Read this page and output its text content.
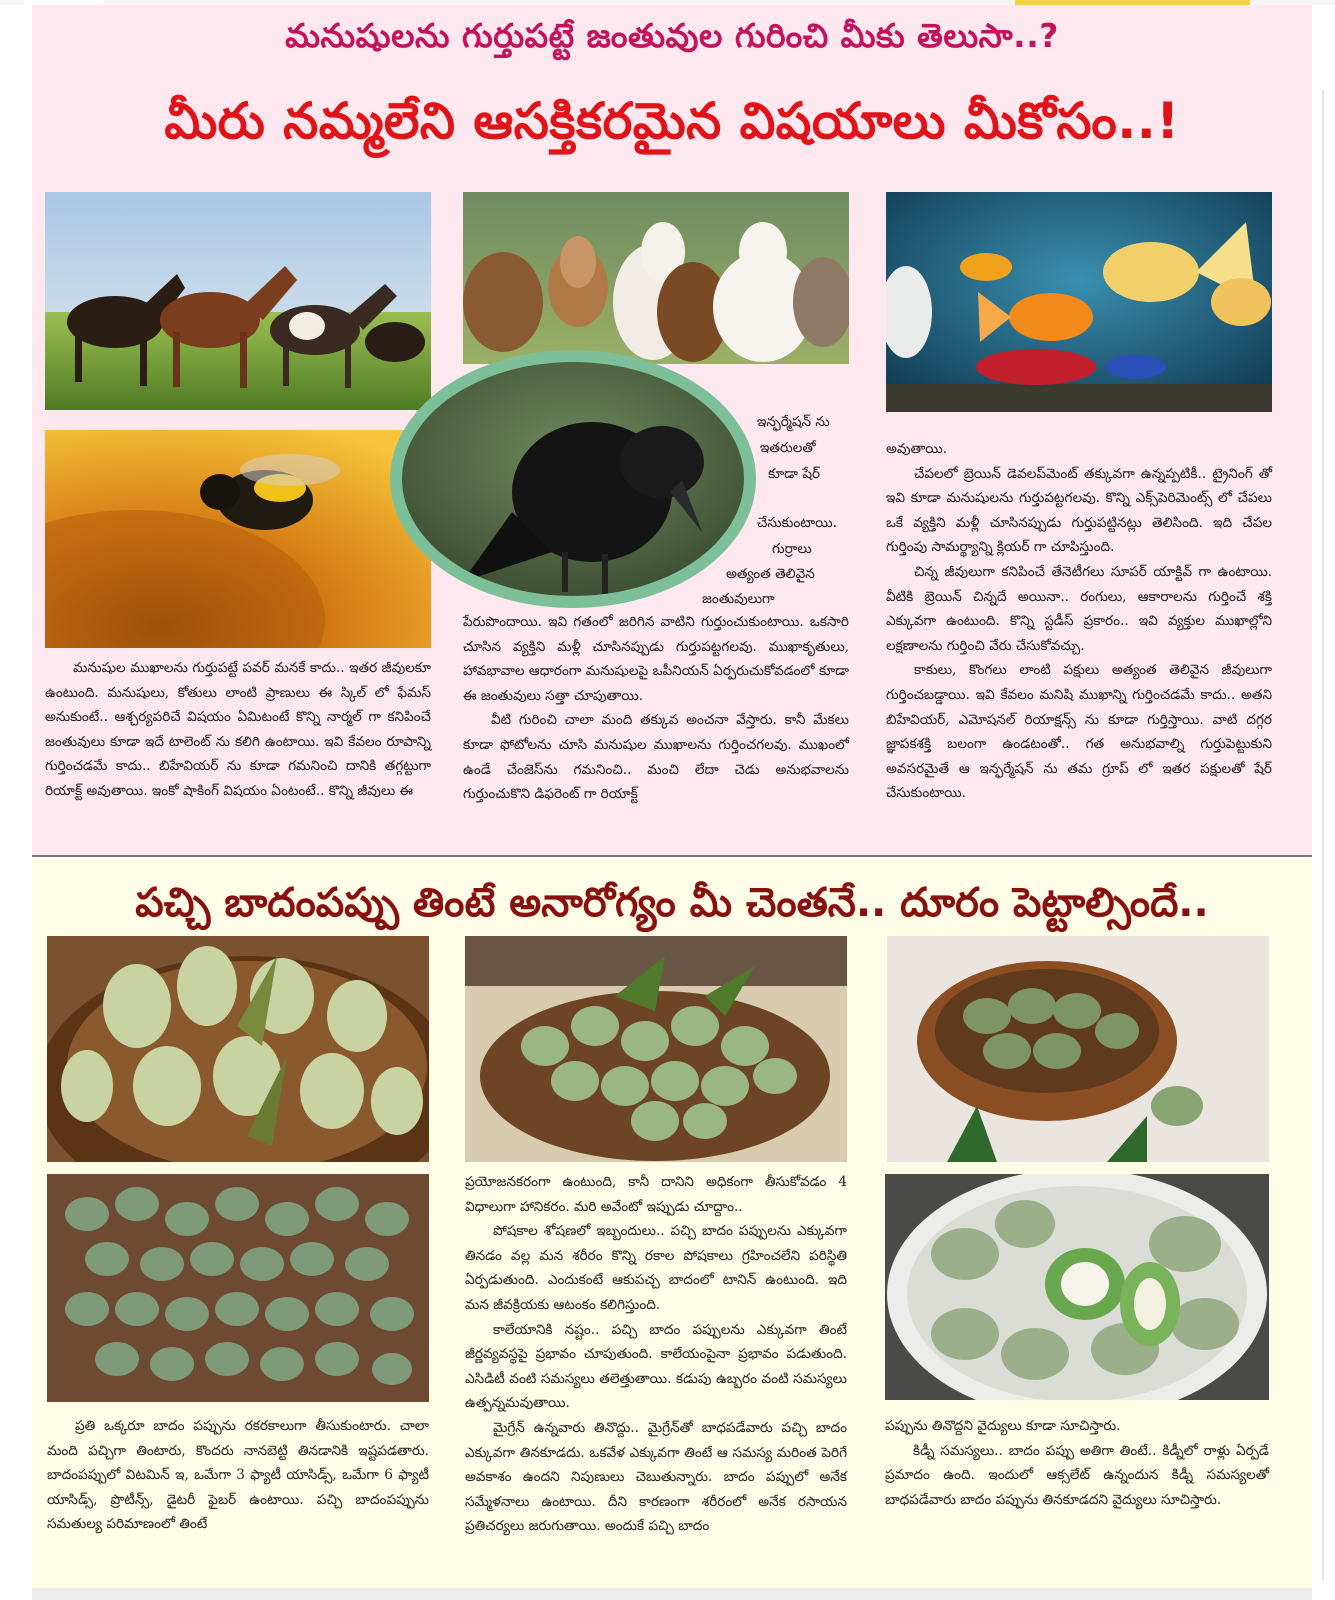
మనుషులను గుర్తుపట్టే జంతువుల గురించి మీకు తెలుసా..?
మీరు నమ్మలేని ఆసక్తికరమైన విషయాలు మీకోసం..!

మనుషుల ముఖాలను గుర్తుపట్టే పవర్ మనకే కాదు.. ఇతర జీవులకూ ఉంటుంది. మనుషులు, కోతులు లాంటి ప్రాణులు ఈ స్కిల్ లో ఫేమస్ అనుకుంటే.. ఆశ్చర్యపరిచే విషయం ఏమిటంటే కొన్ని నార్మల్ గా కనిపించే జంతువులు కూడా ఇదే టాలెంట్ ను కలిగి ఉంటాయి. ఇవి కేవలం రూపాన్ని గుర్తించడమే కాదు.. బిహేవియర్ ను కూడా గమనించి దానికి తగ్గట్టుగా రియాక్ట్ అవుతాయి. ఇంకో షాకింగ్ విషయం ఏంటంటే.. కొన్ని జీవులు ఈ

ఇన్ఫర్మేషన్ ను
ఇతరులతో
కూడా షేర్
చేసుకుంటాయి.
గుర్రాలు
అత్యంత తెలివైన
జంతువులుగా

పేరుపొందాయి. ఇవి గతంలో జరిగిన వాటిని గుర్తుంచుకుంటాయి. ఒకసారి చూసిన వ్యక్తిని మళ్లీ చూసినప్పుడు గుర్తుపట్టగలవు. ముఖాకృతులు, హావభావాల ఆధారంగా మనుషులపై ఒపీనియన్ ఏర్పరుచుకోవడంలో కూడా ఈ జంతువులు సత్తా చూపుతాయి.

వీటి గురించి చాలా మంది తక్కువ అంచనా వేస్తారు. కానీ మేకలు కూడా ఫోటోలను చూసి మనుషుల ముఖాలను గుర్తించగలవు. ముఖంలో ఉండే చేంజెస్‌ను గమనించి.. మంచి లేదా చెడు అనుభవాలను గుర్తుంచుకొని డిఫరెంట్ గా రియాక్ట్

అవుతాయి.

చేపలలో బ్రెయిన్ డెవలప్‌మెంట్ తక్కువగా ఉన్నప్పటికీ.. ట్రైనింగ్ తో ఇవి కూడా మనుషులను గుర్తుపట్టగలవు. కొన్ని ఎక్స్‌పెరిమెంట్స్ లో చేపలు ఒకే వ్యక్తిని మళ్లీ చూసినప్పుడు గుర్తుపట్టినట్లు తెలిసింది. ఇది చేపల గుర్తింపు సామర్థ్యాన్ని క్లియర్ గా చూపిస్తుంది.

చిన్న జీవులుగా కనిపించే తేనెటీగలు సూపర్ యాక్టివ్ గా ఉంటాయి. వీటికి బ్రెయిన్ చిన్నదే అయినా.. రంగులు, ఆకారాలను గుర్తించే శక్తి ఎక్కువగా ఉంటుంది. కొన్ని స్టడీస్ ప్రకారం.. ఇవి వ్యక్తుల ముఖాల్లోని లక్షణాలను గుర్తించి వేరు చేసుకోవచ్చు.

కాకులు, కొంగలు లాంటి పక్షులు అత్యంత తెలివైన జీవులుగా గుర్తించబడ్డాయి. ఇవి కేవలం మనిషి ముఖాన్ని గుర్తించడమే కాదు.. అతని బిహేవియర్, ఎమోషనల్ రియాక్షన్స్ ను కూడా గుర్తిస్తాయి. వాటి దగ్గర జ్ఞాపకశక్తి బలంగా ఉండటంతో.. గత అనుభవాల్ని గుర్తుపెట్టుకుని అవసరమైతే ఆ ఇన్ఫర్మేషన్ ను తమ గ్రూప్ లో ఇతర పక్షులతో షేర్ చేసుకుంటాయి.

పచ్చి బాదంపప్పు తింటే అనారోగ్యం మీ చెంతనే.. దూరం పెట్టాల్సిందే..

ప్రతి ఒక్కరూ బాదం పప్పును రకరకాలుగా తీసుకుంటారు. చాలా మంది పచ్చిగా తింటారు, కొందరు నానబెట్టి తినడానికి ఇష్టపడతారు. బాదంపప్పులో విటమిన్ ఇ, ఒమేగా 3 ఫ్యాటీ యాసిడ్స్, ఒమేగా 6 ఫ్యాటీ యాసిడ్స్, ప్రొటీన్స్, డైటరీ ఫైబర్ ఉంటాయి. పచ్చి బాదంపప్పును సమతుల్య పరిమాణంలో తింటే

ప్రయోజనకరంగా ఉంటుంది, కానీ దానిని అధికంగా తీసుకోవడం 4 విధాలుగా హానికరం. మరి అవేంటో ఇప్పుడు చూద్దాం..

పోషకాల శోషణలో ఇబ్బందులు.. పచ్చి బాదం పప్పులను ఎక్కువగా తినడం వల్ల మన శరీరం కొన్ని రకాల పోషకాలు గ్రహించలేని పరిస్థితి ఏర్పడుతుంది. ఎందుకంటే ఆకుపచ్చ బాదంలో టానిన్ ఉంటుంది. ఇది మన జీవక్రియకు ఆటంకం కలిగిస్తుంది.

కాలేయానికి నష్టం.. పచ్చి బాదం పప్పులను ఎక్కువగా తింటే జీర్ణవ్యవస్థపై ప్రభావం చూపుతుంది. కాలేయంపైనా ప్రభావం పడుతుంది. ఎసిడిటీ వంటి సమస్యలు తలెత్తుతాయి. కడుపు ఉబ్బరం వంటి సమస్యలు ఉత్పన్నమవుతాయి.

మైగ్రేన్ ఉన్నవారు తినొద్దు.. మైగ్రేన్‌తో బాధపడేవారు పచ్చి బాదం ఎక్కువగా తినకూడదు. ఒకవేళ ఎక్కువగా తింటే ఆ సమస్య మరింత పెరిగే అవకాశం ఉందని నిపుణులు చెబుతున్నారు. బాదం పప్పులో అనేక సమ్మేళనాలు ఉంటాయి. దీని కారణంగా శరీరంలో అనేక రసాయన ప్రతిచర్యలు జరుగుతాయి. అందుకే పచ్చి బాదం

పప్పును తినొద్దని వైద్యులు కూడా సూచిస్తారు.

కిడ్నీ సమస్యలు.. బాదం పప్పు అతిగా తింటే.. కిడ్నీలో రాళ్లు ఏర్పడే ప్రమాదం ఉంది. ఇందులో ఆక్సలేట్ ఉన్నందున కిడ్నీ సమస్యలతో బాధపడేవారు బాదం పప్పును తినకూడదని వైద్యులు సూచిస్తారు.
